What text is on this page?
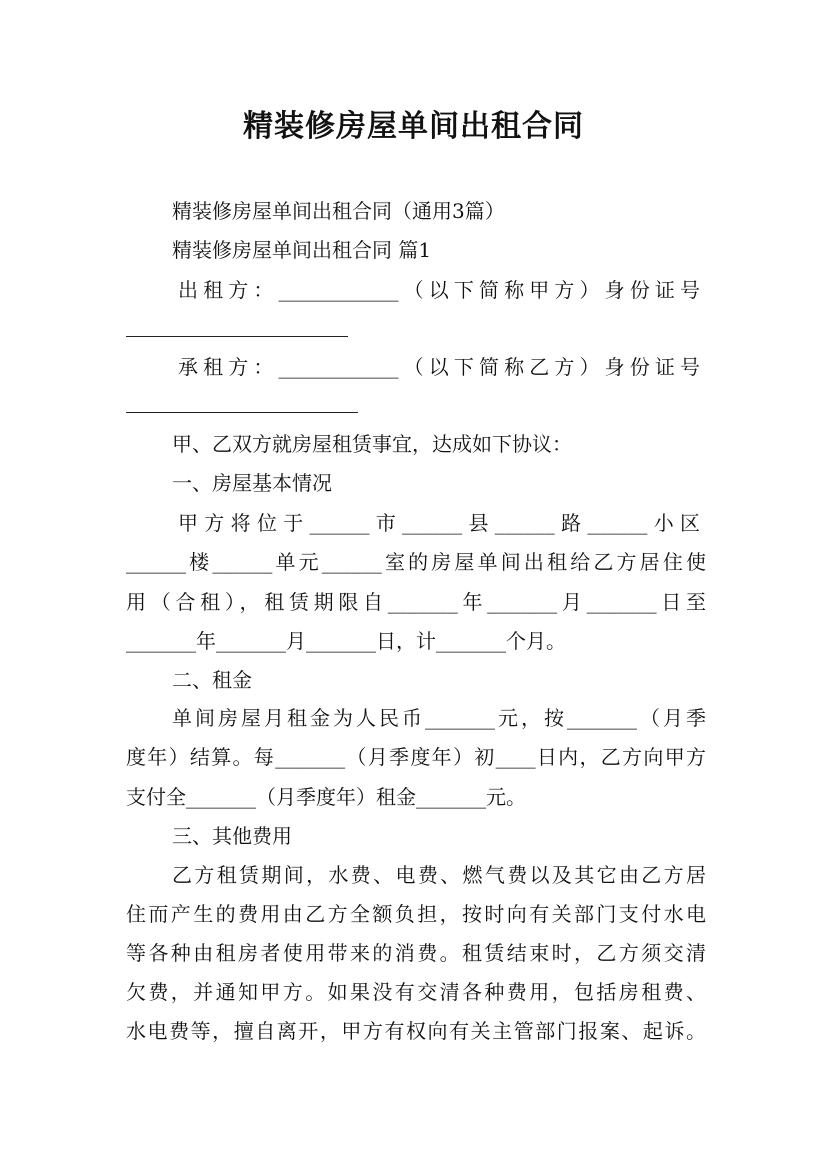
精装修房屋单间出租合同
精装修房屋单间出租合同（通用3篇）
精装修房屋单间出租合同 篇1
出租方：____________（以下简称甲方）身份证号
承租方：____________（以下简称乙方）身份证号
甲、乙双方就房屋租赁事宜，达成如下协议：
一、房屋基本情况
甲方将位于______市______县______路______小区
______楼______单元______室的房屋单间出租给乙方居住使
用（合租），租赁期限自_______年_______月_______日至
_______年_______月_______日，计_______个月。
二、租金
单间房屋月租金为人民币_______元，按_______（月季
度年）结算。每_______（月季度年）初____日内，乙方向甲方
支付全_______（月季度年）租金_______元。
三、其他费用
乙方租赁期间，水费、电费、燃气费以及其它由乙方居
住而产生的费用由乙方全额负担，按时向有关部门支付水电
等各种由租房者使用带来的消费。租赁结束时，乙方须交清
欠费，并通知甲方。如果没有交清各种费用，包括房租费、
水电费等，擅自离开，甲方有权向有关主管部门报案、起诉。
